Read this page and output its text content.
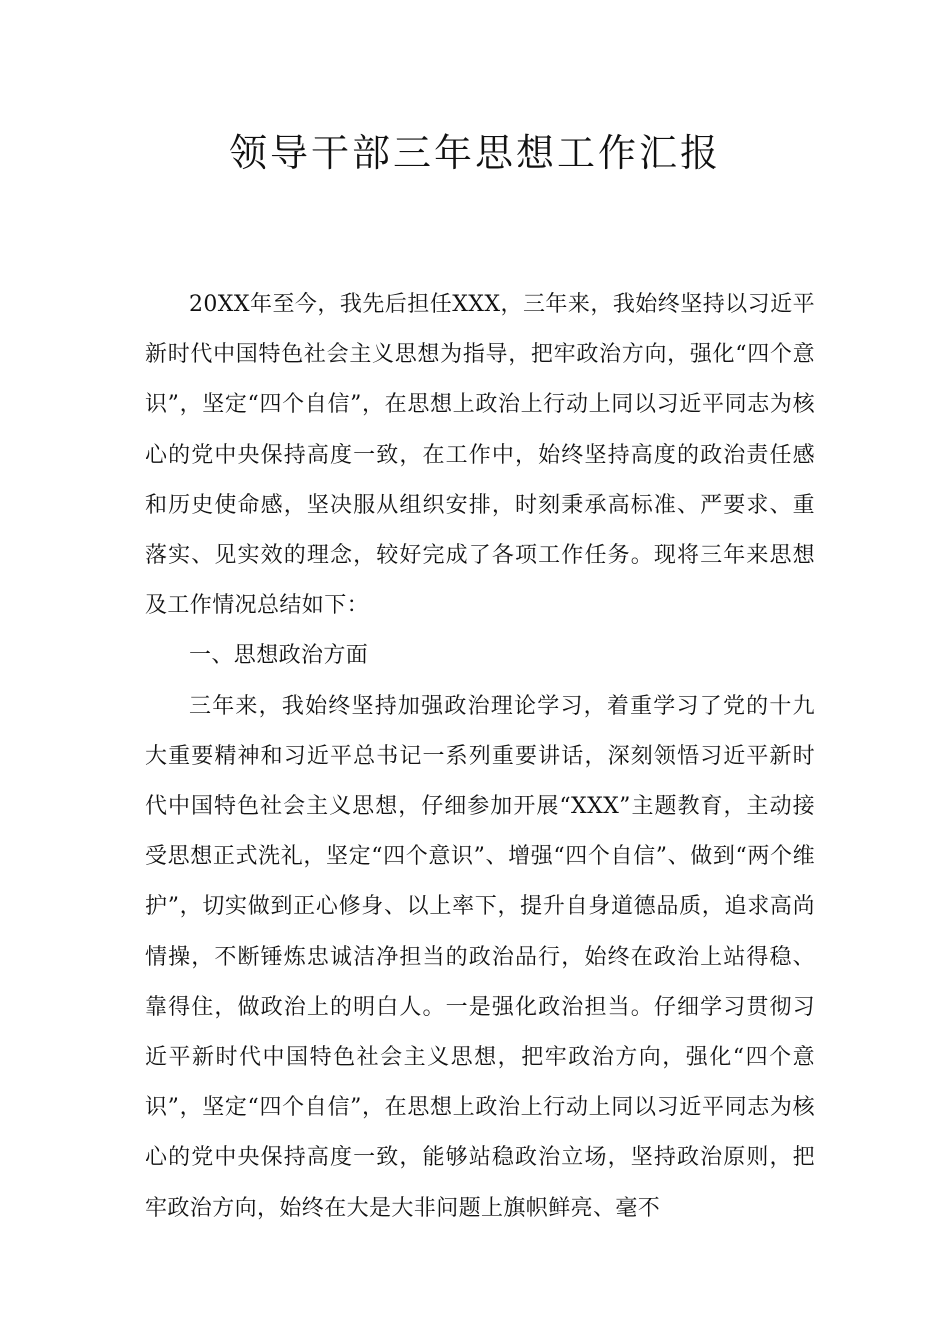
领导干部三年思想工作汇报

20XX年至今，我先后担任XXX，三年来，我始终坚持以习近平新时代中国特色社会主义思想为指导，把牢政治方向，强化“四个意识”，坚定“四个自信”，在思想上政治上行动上同以习近平同志为核心的党中央保持高度一致，在工作中，始终坚持高度的政治责任感和历史使命感，坚决服从组织安排，时刻秉承高标准、严要求、重落实、见实效的理念，较好完成了各项工作任务。现将三年来思想及工作情况总结如下：

一、思想政治方面

三年来，我始终坚持加强政治理论学习，着重学习了党的十九大重要精神和习近平总书记一系列重要讲话，深刻领悟习近平新时代中国特色社会主义思想，仔细参加开展“XXX”主题教育，主动接受思想正式洗礼，坚定“四个意识”、增强“四个自信”、做到“两个维护”，切实做到正心修身、以上率下，提升自身道德品质，追求高尚情操，不断锤炼忠诚洁净担当的政治品行，始终在政治上站得稳、靠得住，做政治上的明白人。一是强化政治担当。仔细学习贯彻习近平新时代中国特色社会主义思想，把牢政治方向，强化“四个意识”，坚定“四个自信”，在思想上政治上行动上同以习近平同志为核心的党中央保持高度一致，能够站稳政治立场，坚持政治原则，把牢政治方向，始终在大是大非问题上旗帜鲜亮、毫不
